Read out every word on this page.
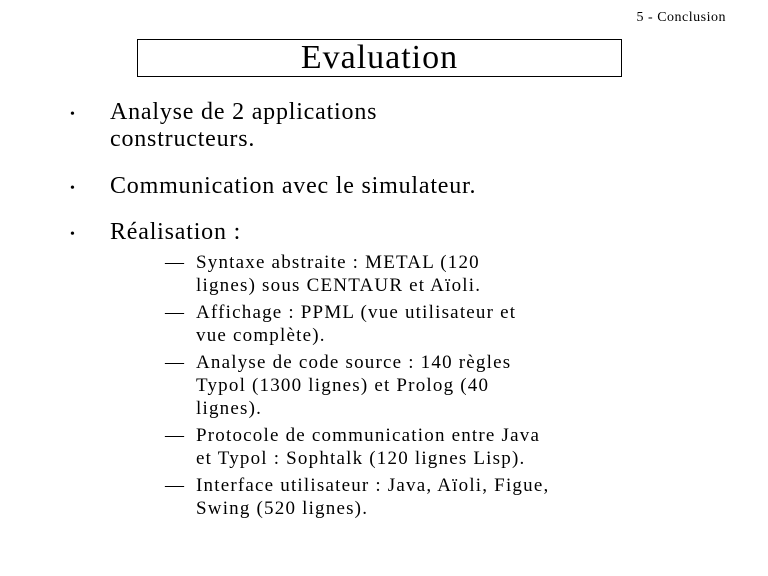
5 - Conclusion
Evaluation
• Analyse de 2 applications
constructeurs.
• Communication avec le simulateur.
• Réalisation :
— Syntaxe abstraite : METAL (120
lignes) sous CENTAUR et Aïoli.
— Affichage : PPML (vue utilisateur et
vue complète).
— Analyse de code source : 140 règles
Typol (1300 lignes) et Prolog (40
lignes).
— Protocole de communication entre Java
et Typol : Sophtalk (120 lignes Lisp).
— Interface utilisateur : Java, Aïoli, Figue,
Swing (520 lignes).
